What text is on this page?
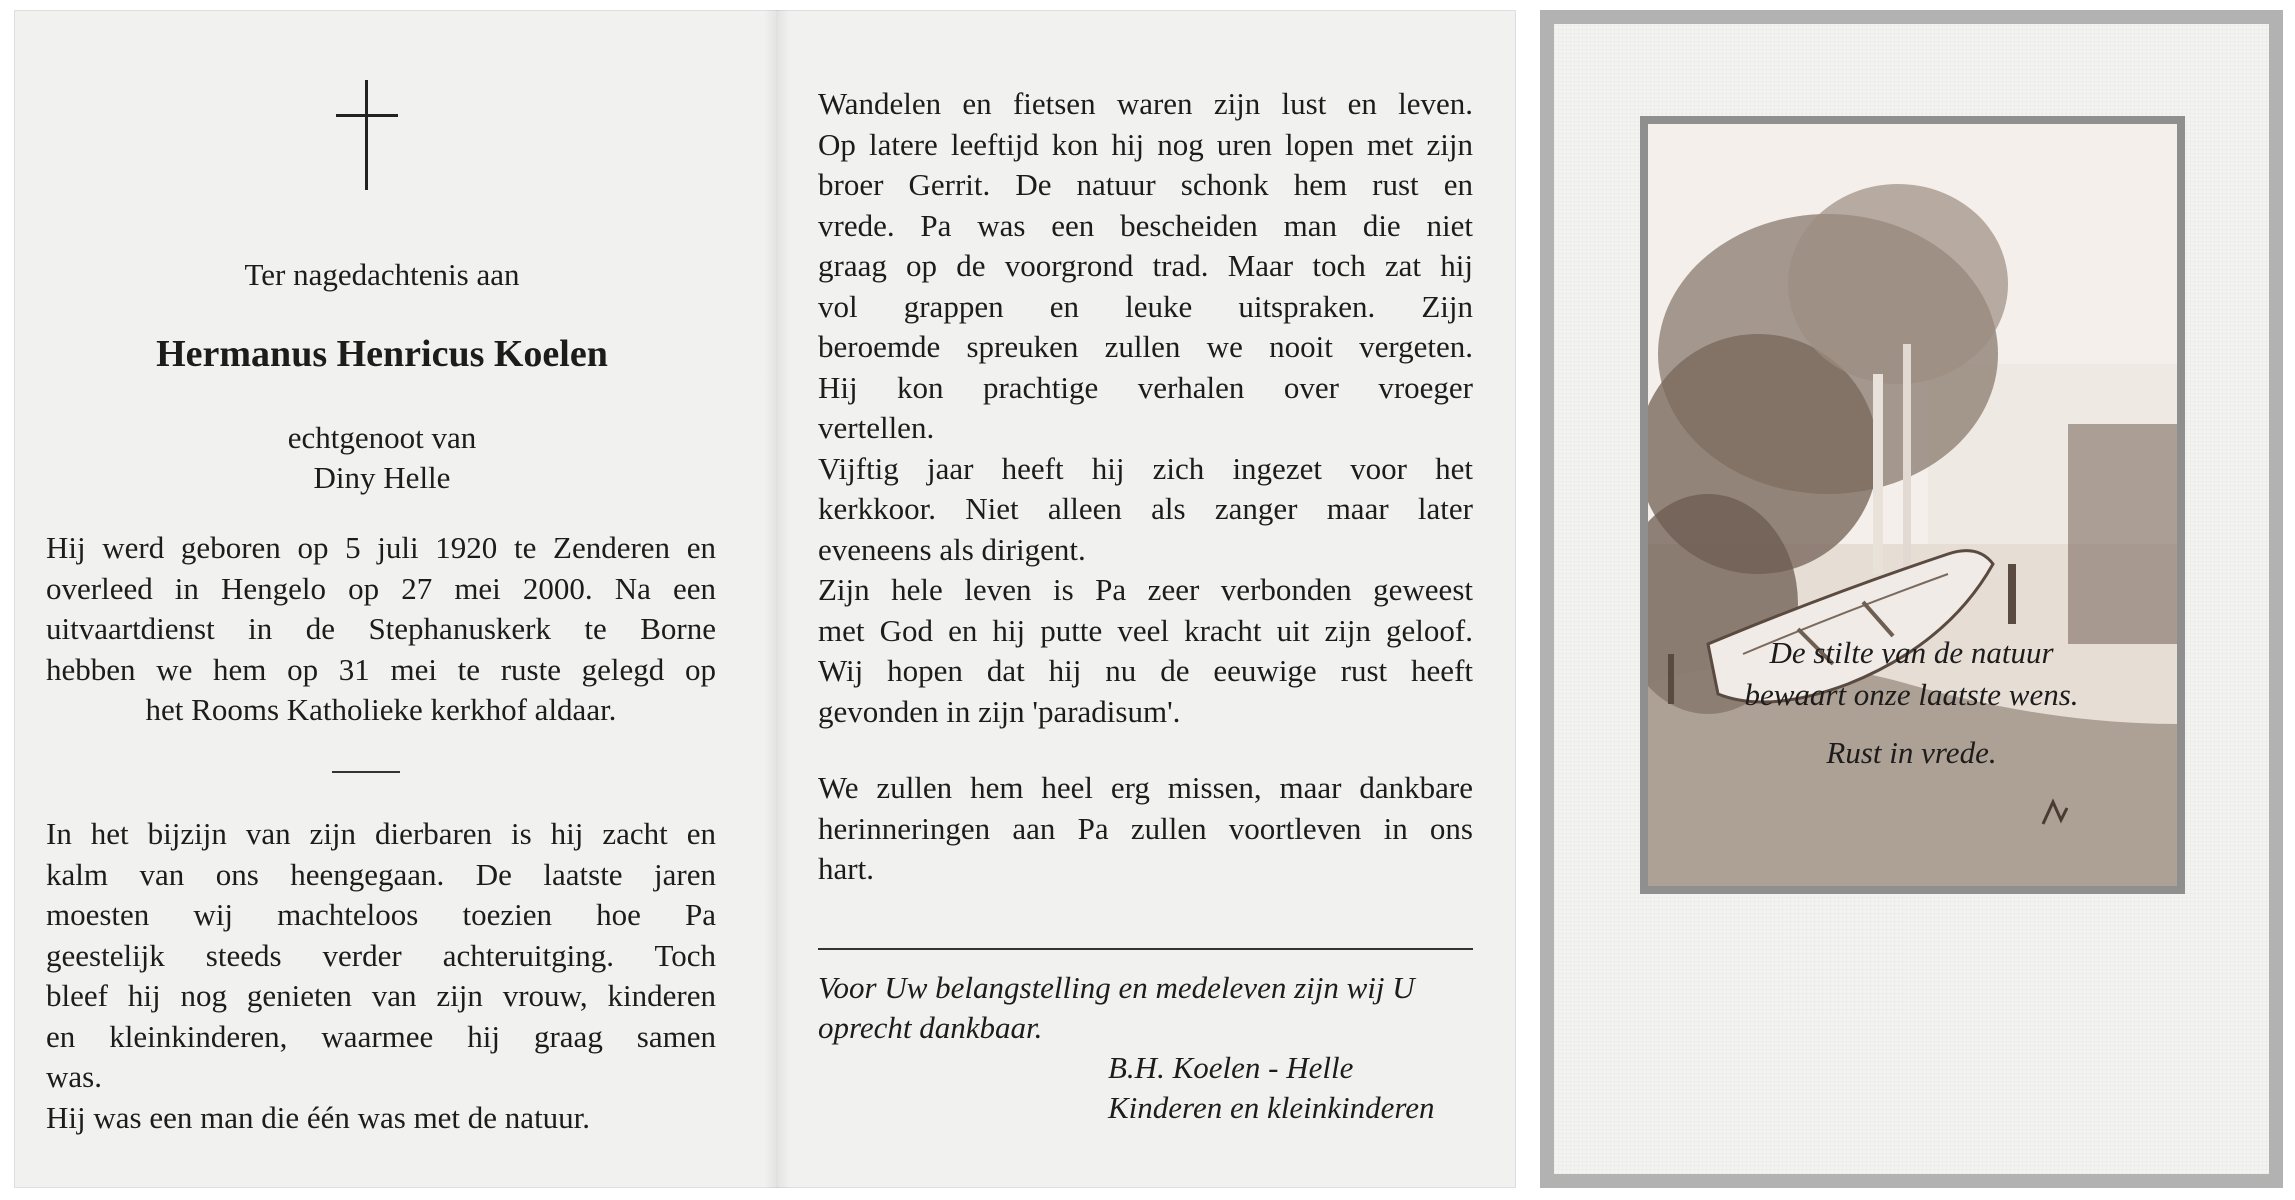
Ter nagedachtenis aan
Hermanus Henricus Koelen
echtgenoot van
Diny Helle
Hij werd geboren op 5 juli 1920 te Zenderen en
overleed in Hengelo op 27 mei 2000. Na een
uitvaartdienst in de Stephanuskerk te Borne
hebben we hem op 31 mei te ruste gelegd op
het Rooms Katholieke kerkhof aldaar.
In het bijzijn van zijn dierbaren is hij zacht en
kalm van ons heengegaan. De laatste jaren
moesten wij machteloos toezien hoe Pa
geestelijk steeds verder achteruitging. Toch
bleef hij nog genieten van zijn vrouw, kinderen
en kleinkinderen, waarmee hij graag samen
was.
Hij was een man die één was met de natuur.
Wandelen en fietsen waren zijn lust en leven.
Op latere leeftijd kon hij nog uren lopen met zijn
broer Gerrit. De natuur schonk hem rust en
vrede. Pa was een bescheiden man die niet
graag op de voorgrond trad. Maar toch zat hij
vol grappen en leuke uitspraken. Zijn
beroemde spreuken zullen we nooit vergeten.
Hij kon prachtige verhalen over vroeger
vertellen.
Vijftig jaar heeft hij zich ingezet voor het
kerkkoor. Niet alleen als zanger maar later
eveneens als dirigent.
Zijn hele leven is Pa zeer verbonden geweest
met God en hij putte veel kracht uit zijn geloof.
Wij hopen dat hij nu de eeuwige rust heeft
gevonden in zijn 'paradisum'.
We zullen hem heel erg missen, maar dankbare
herinneringen aan Pa zullen voortleven in ons
hart.
Voor Uw belangstelling en medeleven zijn wij U
oprecht dankbaar.
B.H. Koelen - Helle
Kinderen en kleinkinderen
De stilte van de natuur
bewaart onze laatste wens.
Rust in vrede.
